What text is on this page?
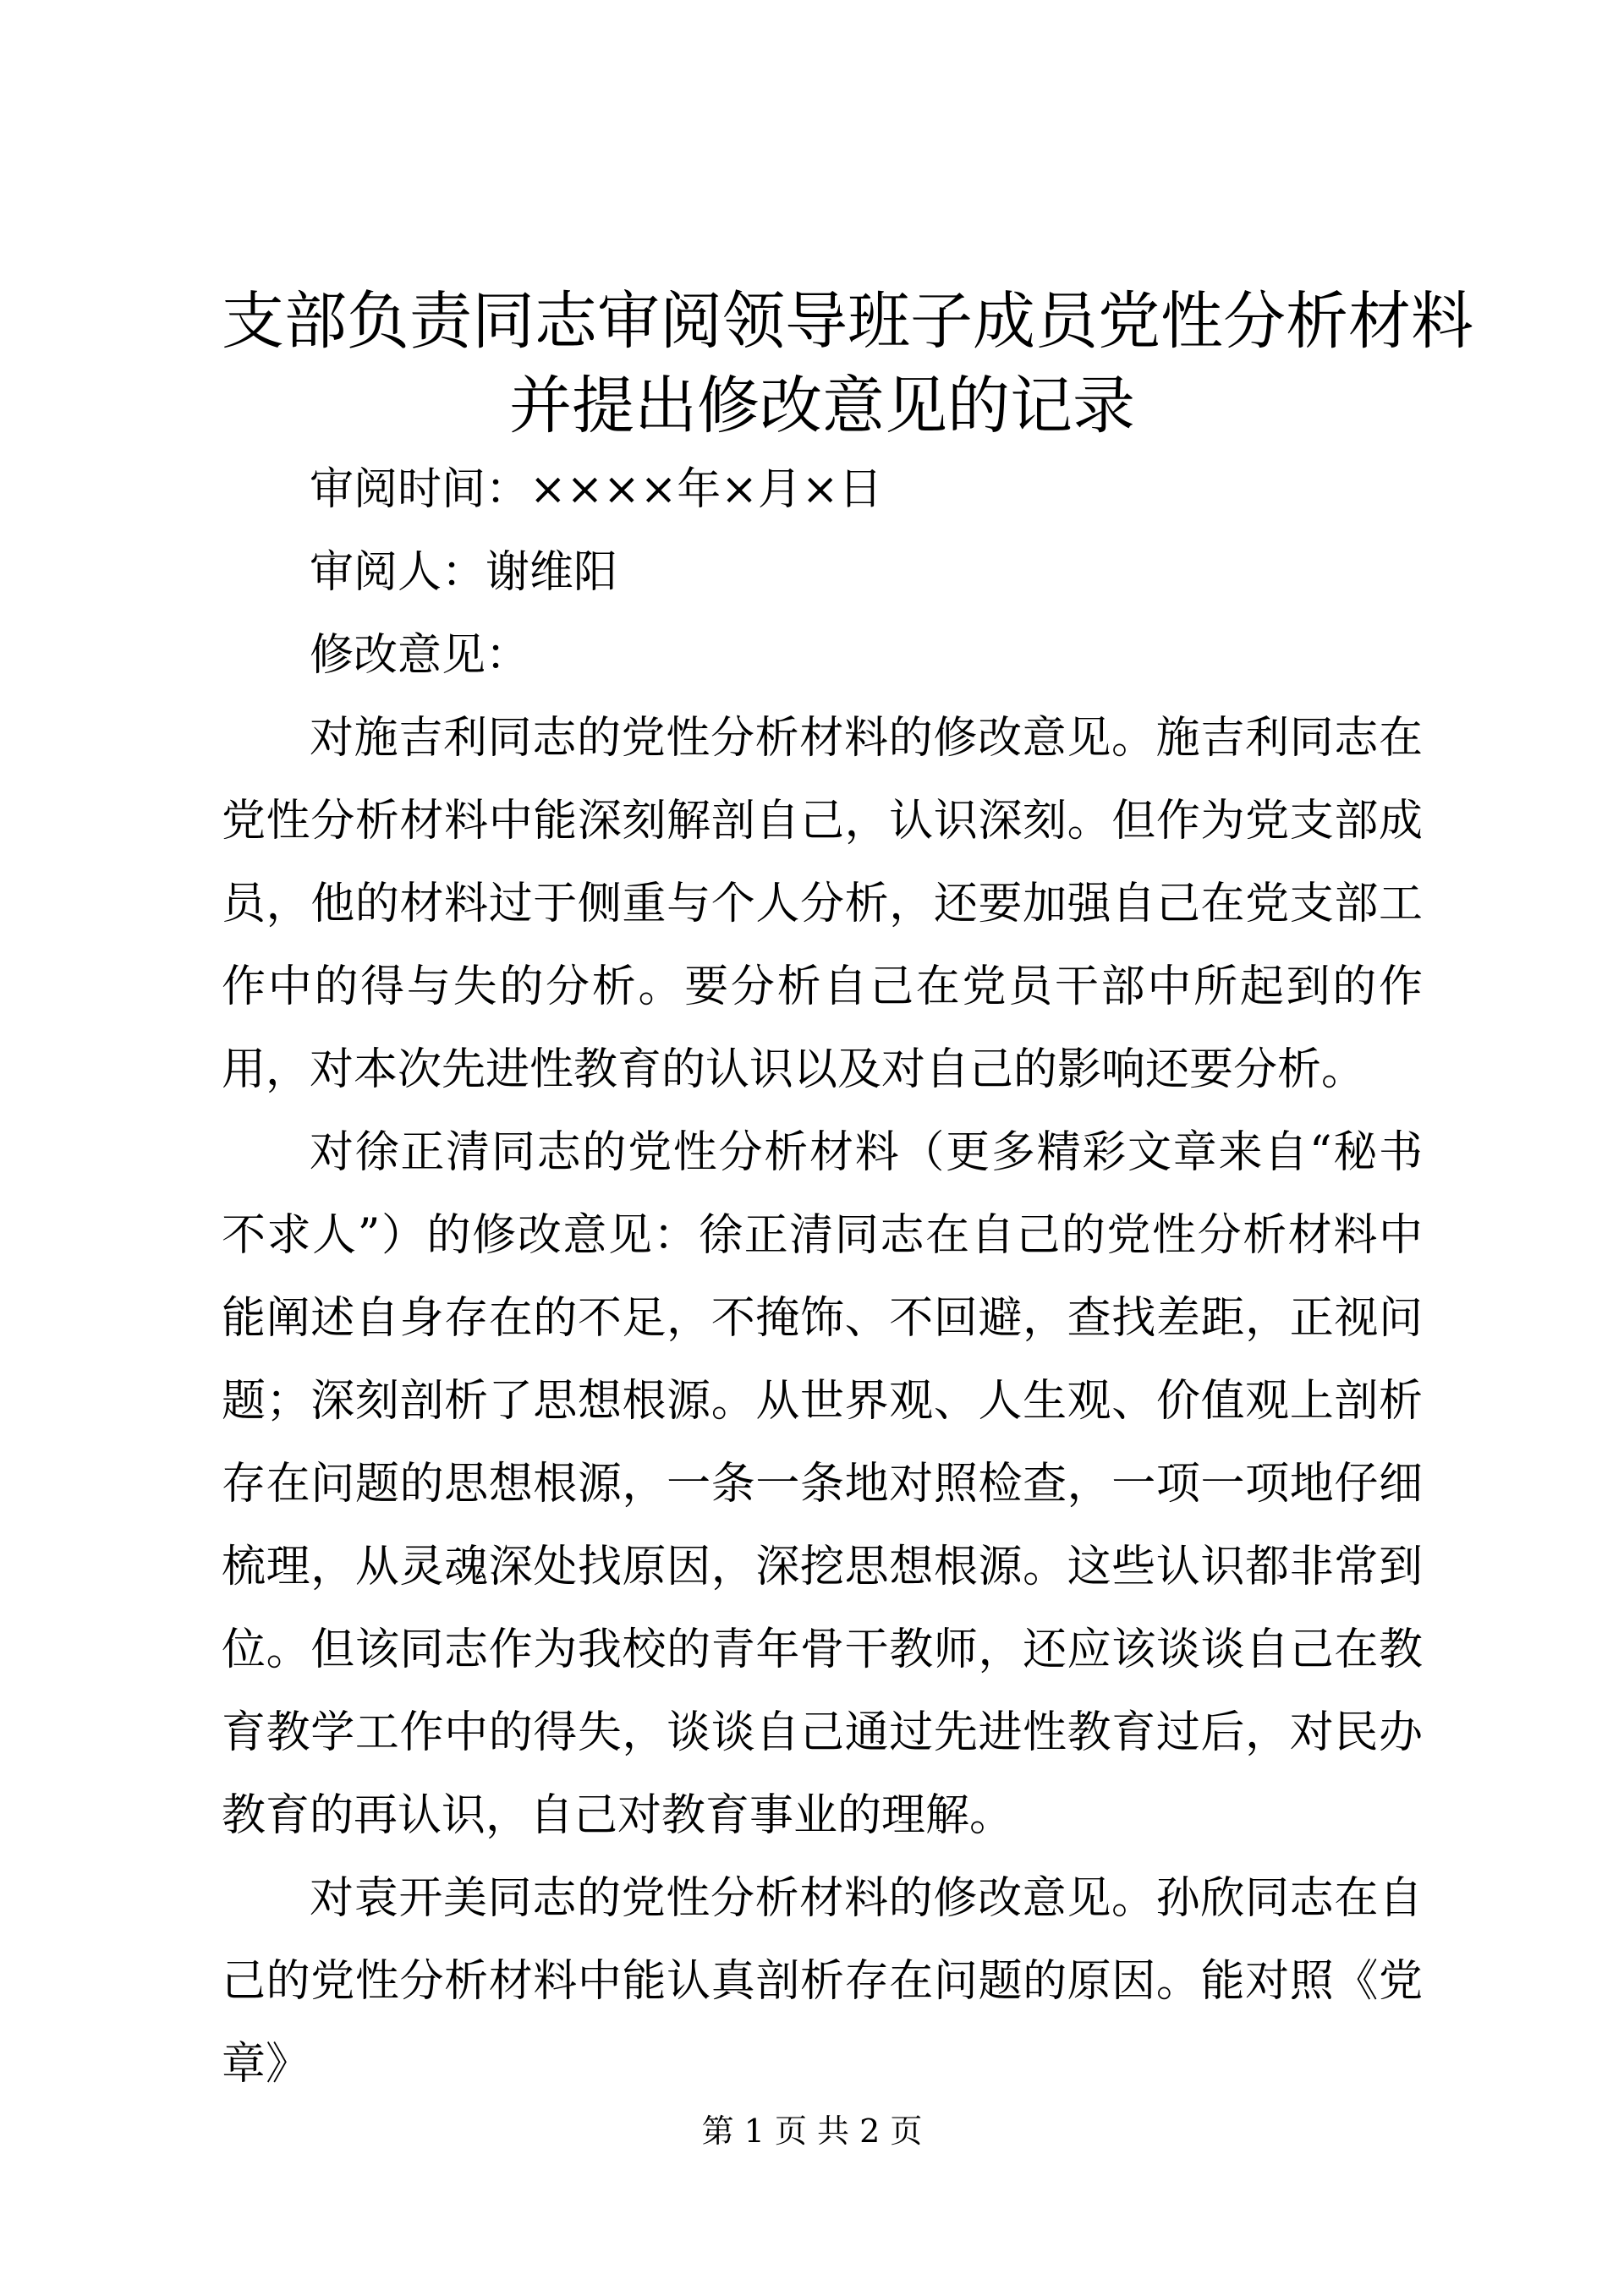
支部负责同志审阅领导班子成员党性分析材料
并提出修改意见的记录

审阅时间：××××年×月×日

审阅人：谢维阳

修改意见：

对施吉利同志的党性分析材料的修改意见。施吉利同志在党性分析材料中能深刻解剖自己，认识深刻。但作为党支部成员，他的材料过于侧重与个人分析，还要加强自己在党支部工作中的得与失的分析。要分析自己在党员干部中所起到的作用，对本次先进性教育的认识以及对自己的影响还要分析。

对徐正清同志的党性分析材料（更多精彩文章来自“秘书不求人”）的修改意见：徐正清同志在自己的党性分析材料中能阐述自身存在的不足，不掩饰、不回避，查找差距，正视问题；深刻剖析了思想根源。从世界观、人生观、价值观上剖析存在问题的思想根源，一条一条地对照检查，一项一项地仔细梳理，从灵魂深处找原因，深挖思想根源。这些认识都非常到位。但该同志作为我校的青年骨干教师，还应该谈谈自己在教育教学工作中的得失，谈谈自己通过先进性教育过后，对民办教育的再认识，自己对教育事业的理解。

对袁开美同志的党性分析材料的修改意见。孙欣同志在自己的党性分析材料中能认真剖析存在问题的原因。能对照《党章》

第 1 页 共 2 页
